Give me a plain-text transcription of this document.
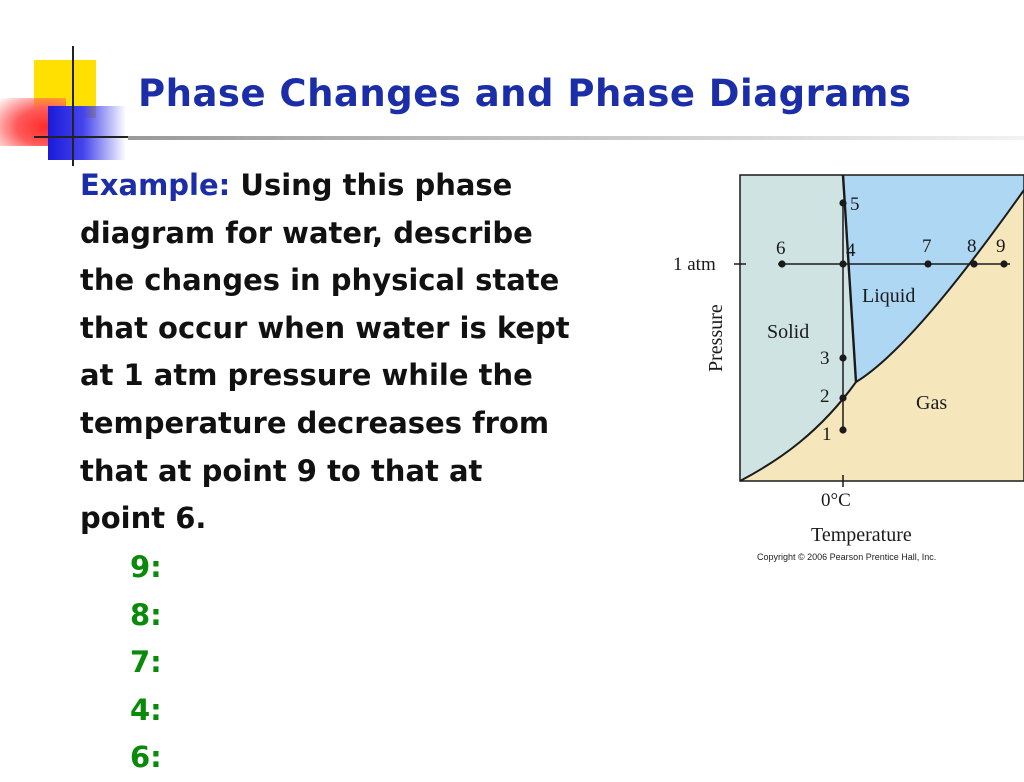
Phase Changes and Phase Diagrams
Example: Using this phase
diagram for water, describe
the changes in physical state
that occur when water is kept
at 1 atm pressure while the
temperature decreases from
that at point 9 to that at
point 6.
9:
8:
7:
4:
6:
5
4
3
2
1
6	7 8 9
Solid
Liquid
Gas
1 atm
0°C
Pressure
Temperature
Copyright © 2006 Pearson Prentice Hall, Inc.
